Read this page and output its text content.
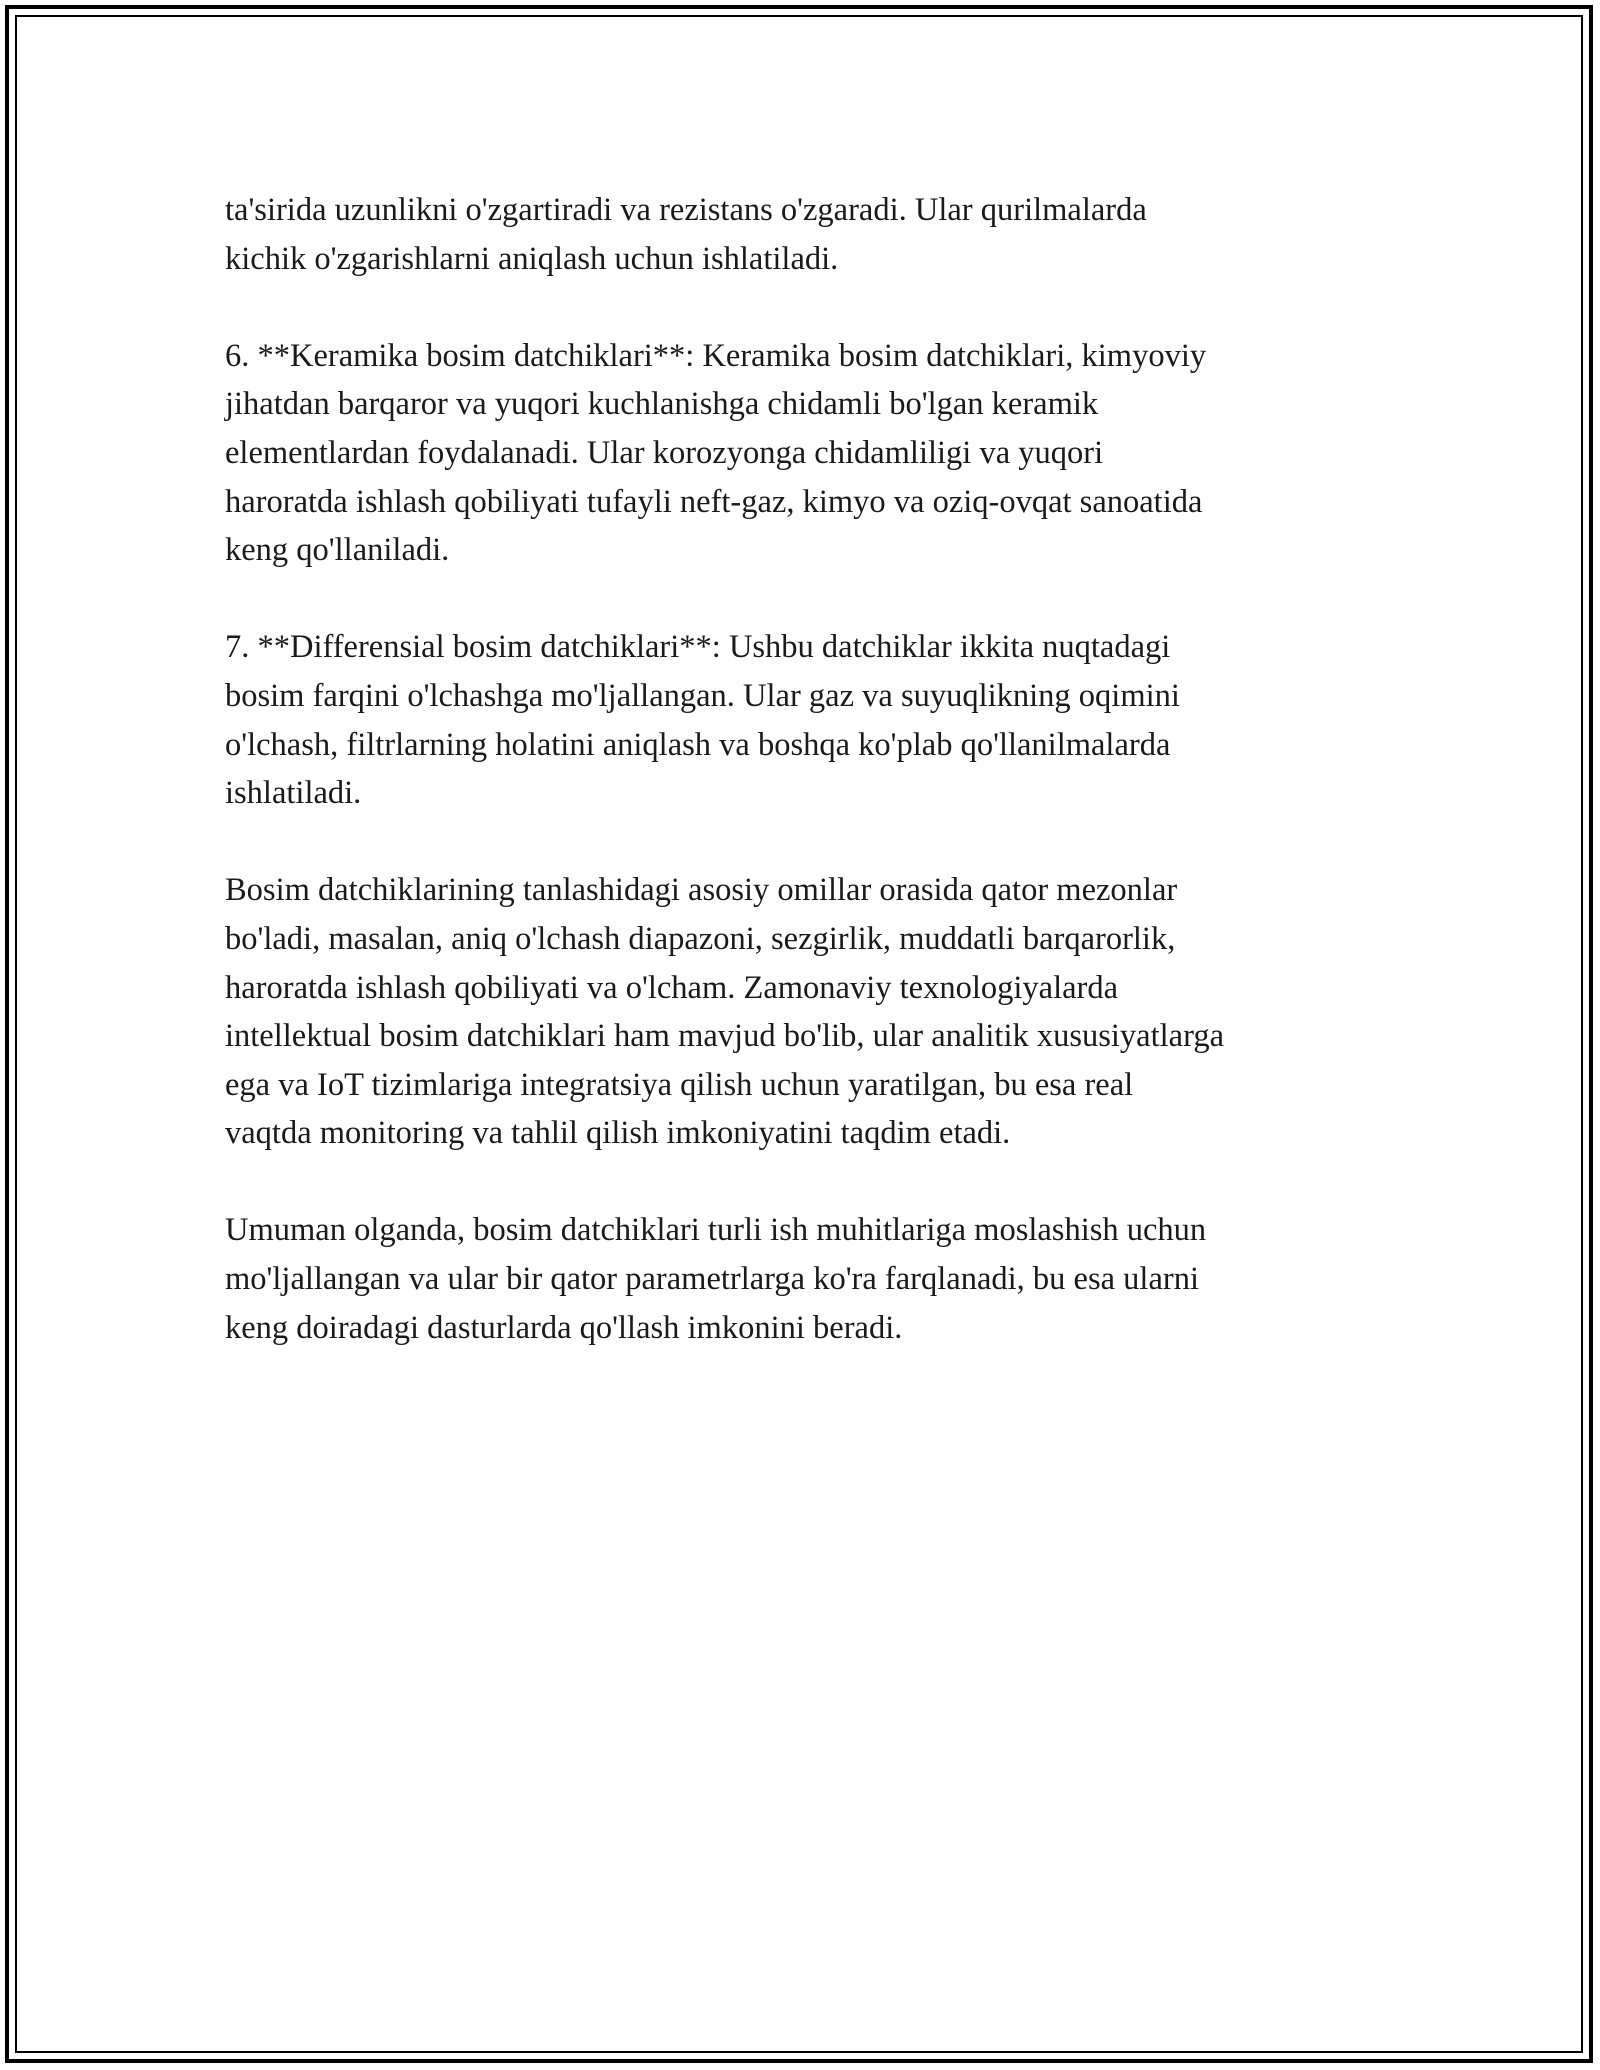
ta'sirida uzunlikni o'zgartiradi va rezistans o'zgaradi. Ular qurilmalarda
kichik o'zgarishlarni aniqlash uchun ishlatiladi.

6. **Keramika bosim datchiklari**: Keramika bosim datchiklari, kimyoviy
jihatdan barqaror va yuqori kuchlanishga chidamli bo'lgan keramik
elementlardan foydalanadi. Ular korozyonga chidamliligi va yuqori
haroratda ishlash qobiliyati tufayli neft-gaz, kimyo va oziq-ovqat sanoatida
keng qo'llaniladi.

7. **Differensial bosim datchiklari**: Ushbu datchiklar ikkita nuqtadagi
bosim farqini o'lchashga mo'ljallangan. Ular gaz va suyuqlikning oqimini
o'lchash, filtrlarning holatini aniqlash va boshqa ko'plab qo'llanilmalarda
ishlatiladi.

Bosim datchiklarining tanlashidagi asosiy omillar orasida qator mezonlar
bo'ladi, masalan, aniq o'lchash diapazoni, sezgirlik, muddatli barqarorlik,
haroratda ishlash qobiliyati va o'lcham. Zamonaviy texnologiyalarda
intellektual bosim datchiklari ham mavjud bo'lib, ular analitik xususiyatlarga
ega va IoT tizimlariga integratsiya qilish uchun yaratilgan, bu esa real
vaqtda monitoring va tahlil qilish imkoniyatini taqdim etadi.

Umuman olganda, bosim datchiklari turli ish muhitlariga moslashish uchun
mo'ljallangan va ular bir qator parametrlarga ko'ra farqlanadi, bu esa ularni
keng doiradagi dasturlarda qo'llash imkonini beradi.
